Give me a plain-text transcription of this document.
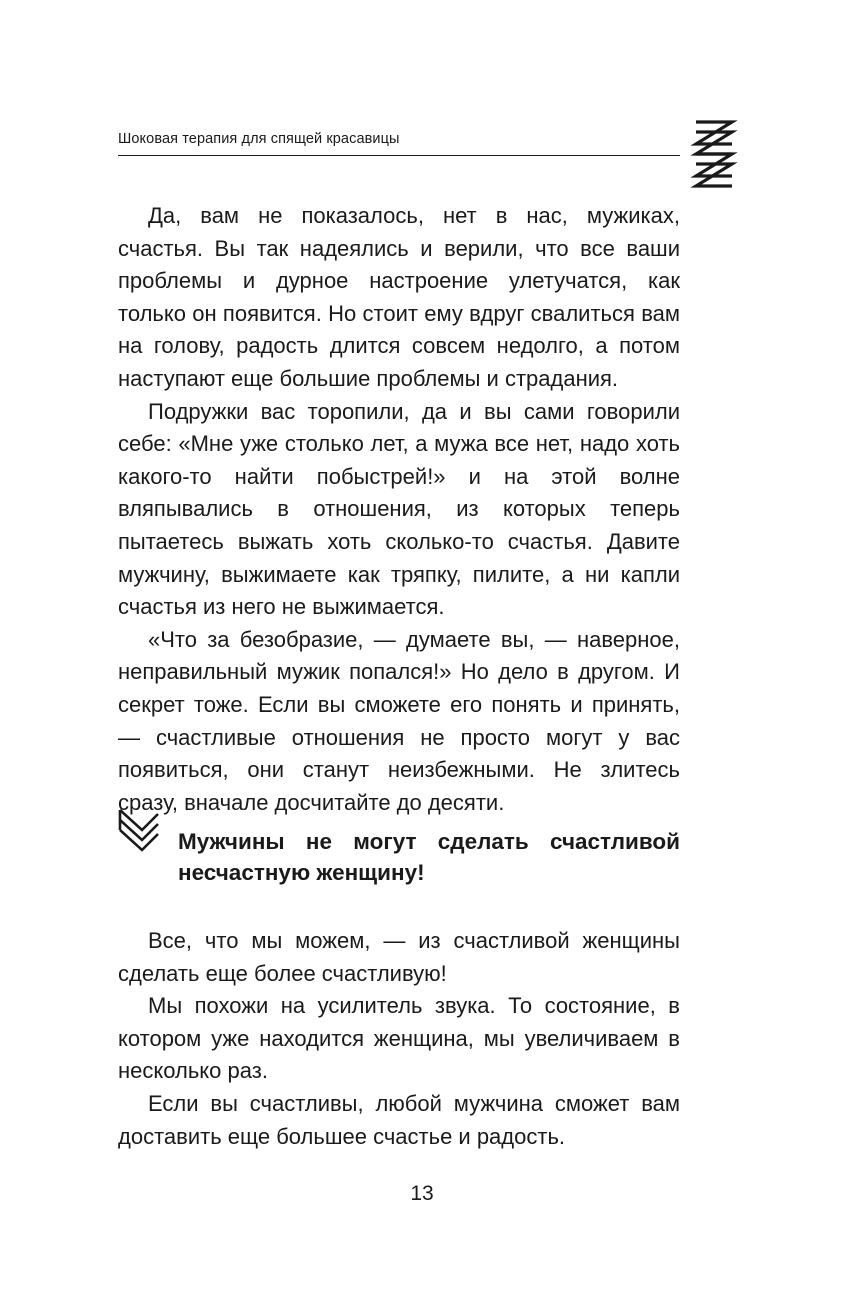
Шоковая терапия для спящей красавицы

Да, вам не показалось, нет в нас, мужиках, счастья. Вы так надеялись и верили, что все ваши проблемы и дурное настроение улетучатся, как только он появится. Но стоит ему вдруг свалиться вам на голову, радость длится совсем недолго, а потом наступают еще большие проблемы и страдания.

Подружки вас торопили, да и вы сами говорили себе: «Мне уже столько лет, а мужа все нет, надо хоть какого-то найти побыстрей!» и на этой волне вляпывались в отношения, из которых теперь пытаетесь выжать хоть сколько-то счастья. Давите мужчину, выжимаете как тряпку, пилите, а ни капли счастья из него не выжимается.

«Что за безобразие, — думаете вы, — наверное, неправильный мужик попался!» Но дело в другом. И секрет тоже. Если вы сможете его понять и принять, — счастливые отношения не просто могут у вас появиться, они станут неизбежными. Не злитесь сразу, вначале досчитайте до десяти.

Мужчины не могут сделать счастливой несчастную женщину!

Все, что мы можем, — из счастливой женщины сделать еще более счастливую!

Мы похожи на усилитель звука. То состояние, в котором уже находится женщина, мы увеличиваем в несколько раз.

Если вы счастливы, любой мужчина сможет вам доставить еще большее счастье и радость.

13
